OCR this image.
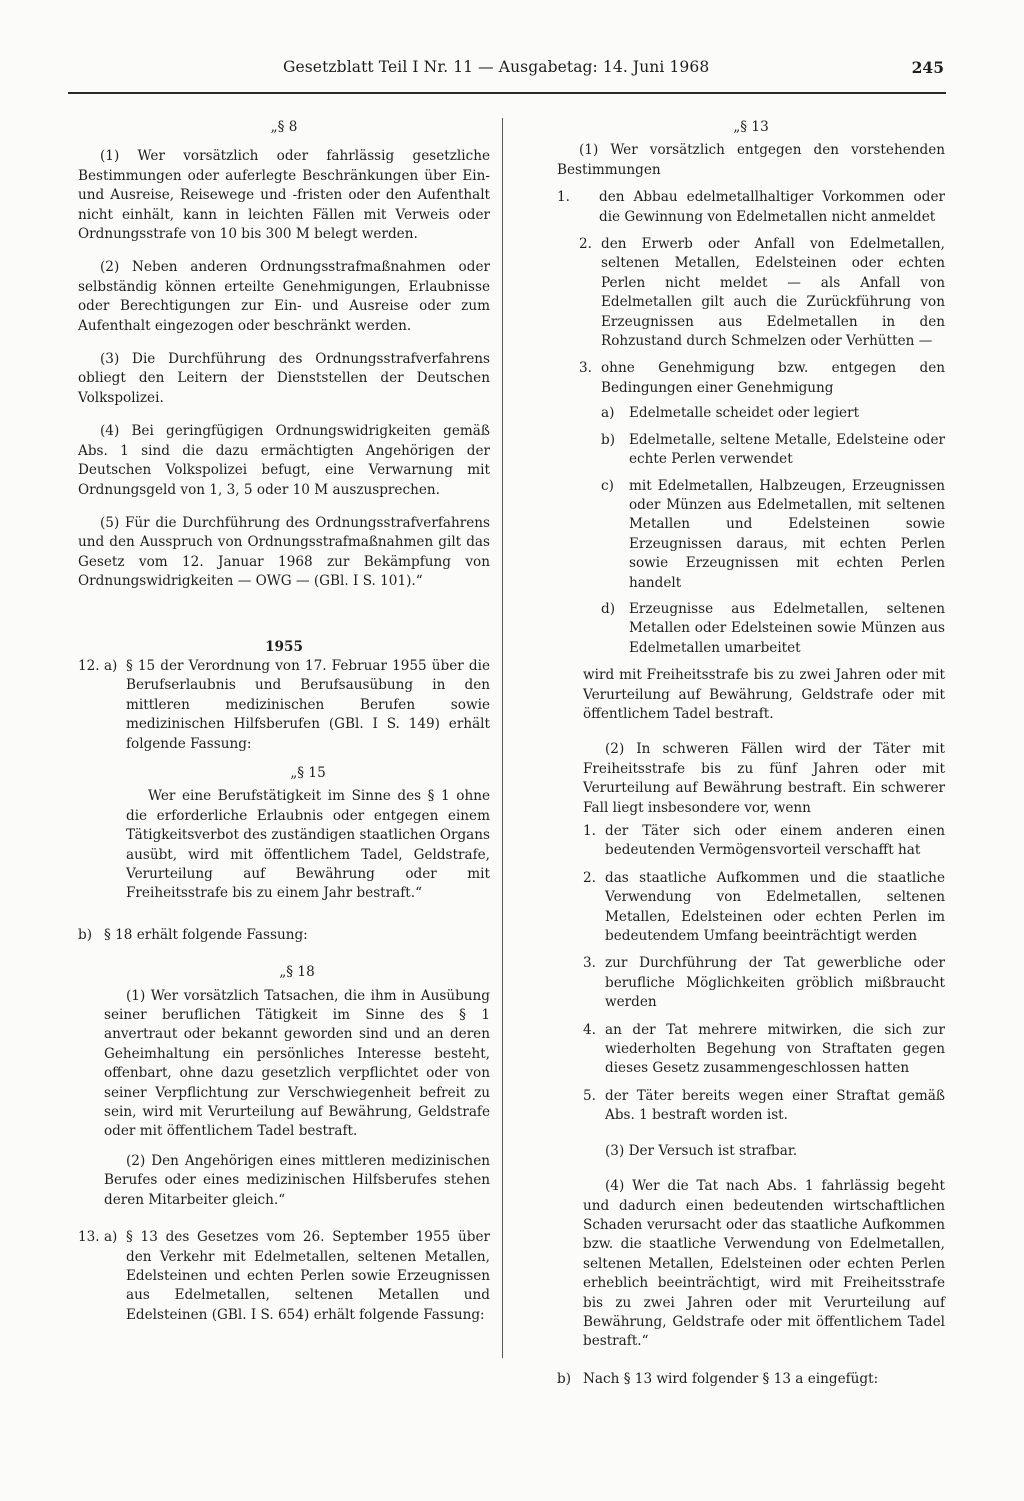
Gesetzblatt Teil I Nr. 11 — Ausgabetag: 14. Juni 1968	245

„§ 8

(1) Wer vorsätzlich oder fahrlässig gesetzliche Bestimmungen oder auferlegte Beschränkungen über Ein- und Ausreise, Reisewege und -fristen oder den Aufenthalt nicht einhält, kann in leichten Fällen mit Verweis oder Ordnungsstrafe von 10 bis 300 M belegt werden.

(2) Neben anderen Ordnungsstrafmaßnahmen oder selbständig können erteilte Genehmigungen, Erlaubnisse oder Berechtigungen zur Ein- und Ausreise oder zum Aufenthalt eingezogen oder beschränkt werden.

(3) Die Durchführung des Ordnungsstrafverfahrens obliegt den Leitern der Dienststellen der Deutschen Volkspolizei.

(4) Bei geringfügigen Ordnungswidrigkeiten gemäß Abs. 1 sind die dazu ermächtigten Angehörigen der Deutschen Volkspolizei befugt, eine Verwarnung mit Ordnungsgeld von 1, 3, 5 oder 10 M auszusprechen.

(5) Für die Durchführung des Ordnungsstrafverfahrens und den Ausspruch von Ordnungsstrafmaßnahmen gilt das Gesetz vom 12. Januar 1968 zur Bekämpfung von Ordnungswidrigkeiten — OWG — (GBl. I S. 101).“

1955

12. a) § 15 der Verordnung von 17. Februar 1955 über die Berufserlaubnis und Berufsausübung in den mittleren medizinischen Berufen sowie medizinischen Hilfsberufen (GBl. I S. 149) erhält folgende Fassung:

„§ 15

Wer eine Berufstätigkeit im Sinne des § 1 ohne die erforderliche Erlaubnis oder entgegen einem Tätigkeitsverbot des zuständigen staatlichen Organs ausübt, wird mit öffentlichem Tadel, Geldstrafe, Verurteilung auf Bewährung oder mit Freiheitsstrafe bis zu einem Jahr bestraft.“

b) § 18 erhält folgende Fassung:

„§ 18

(1) Wer vorsätzlich Tatsachen, die ihm in Ausübung seiner beruflichen Tätigkeit im Sinne des § 1 anvertraut oder bekannt geworden sind und an deren Geheimhaltung ein persönliches Interesse besteht, offenbart, ohne dazu gesetzlich verpflichtet oder von seiner Verpflichtung zur Verschwiegenheit befreit zu sein, wird mit Verurteilung auf Bewährung, Geldstrafe oder mit öffentlichem Tadel bestraft.

(2) Den Angehörigen eines mittleren medizinischen Berufes oder eines medizinischen Hilfsberufes stehen deren Mitarbeiter gleich.“

13. a) § 13 des Gesetzes vom 26. September 1955 über den Verkehr mit Edelmetallen, seltenen Metallen, Edelsteinen und echten Perlen sowie Erzeugnissen aus Edelmetallen, seltenen Metallen und Edelsteinen (GBl. I S. 654) erhält folgende Fassung:

„§ 13

(1) Wer vorsätzlich entgegen den vorstehenden Bestimmungen

1.	den Abbau edelmetallhaltiger Vorkommen oder die Gewinnung von Edelmetallen nicht anmeldet
2. den Erwerb oder Anfall von Edelmetallen, seltenen Metallen, Edelsteinen oder echten Perlen nicht meldet — als Anfall von Edelmetallen gilt auch die Zurückführung von Erzeugnissen aus Edelmetallen in den Rohzustand durch Schmelzen oder Verhütten —
3. ohne Genehmigung bzw. entgegen den Bedingungen einer Genehmigung
a)	Edelmetalle scheidet oder legiert
b)	Edelmetalle, seltene Metalle, Edelsteine oder echte Perlen verwendet
c)	mit Edelmetallen, Halbzeugen, Erzeugnissen oder Münzen aus Edelmetallen, mit seltenen Metallen und Edelsteinen sowie Erzeugnissen daraus, mit echten Perlen sowie Erzeugnissen mit echten Perlen handelt
d)	Erzeugnisse aus Edelmetallen, seltenen Metallen oder Edelsteinen sowie Münzen aus Edelmetallen umarbeitet

wird mit Freiheitsstrafe bis zu zwei Jahren oder mit Verurteilung auf Bewährung, Geldstrafe oder mit öffentlichem Tadel bestraft.

(2) In schweren Fällen wird der Täter mit Freiheitsstrafe bis zu fünf Jahren oder mit Verurteilung auf Bewährung bestraft. Ein schwerer Fall liegt insbesondere vor, wenn

1. der Täter sich oder einem anderen einen bedeutenden Vermögensvorteil verschafft hat
2. das staatliche Aufkommen und die staatliche Verwendung von Edelmetallen, seltenen Metallen, Edelsteinen oder echten Perlen im bedeutendem Umfang beeinträchtigt werden
3. zur Durchführung der Tat gewerbliche oder berufliche Möglichkeiten gröblich mißbraucht werden
4. an der Tat mehrere mitwirken, die sich zur wiederholten Begehung von Straftaten gegen dieses Gesetz zusammengeschlossen hatten
5. der Täter bereits wegen einer Straftat gemäß Abs. 1 bestraft worden ist.

(3) Der Versuch ist strafbar.

(4) Wer die Tat nach Abs. 1 fahrlässig begeht und dadurch einen bedeutenden wirtschaftlichen Schaden verursacht oder das staatliche Aufkommen bzw. die staatliche Verwendung von Edelmetallen, seltenen Metallen, Edelsteinen oder echten Perlen erheblich beeinträchtigt, wird mit Freiheitsstrafe bis zu zwei Jahren oder mit Verurteilung auf Bewährung, Geldstrafe oder mit öffentlichem Tadel bestraft.“

b) Nach § 13 wird folgender § 13 a eingefügt:
